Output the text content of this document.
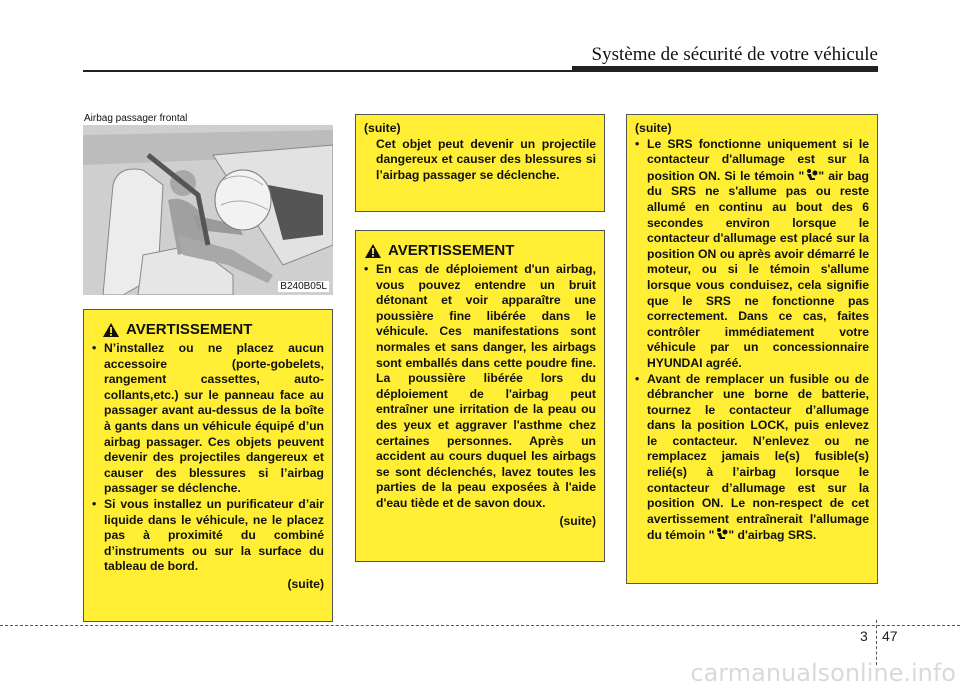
Système de sécurité de votre véhicule
Airbag passager frontal
B240B05L
AVERTISSEMENT

• N’installez ou ne placez aucun accessoire (porte-gobelets, rangement cassettes, auto-collants,etc.) sur le panneau face au passager avant au-dessus de la boîte à gants dans un véhicule équipé d’un airbag passager. Ces objets peuvent devenir des projectiles dangereux et causer des blessures si l’airbag passager se déclenche.

• Si vous installez un purificateur d’air liquide dans le véhicule, ne le placez pas à proximité du combiné d’instruments ou sur la surface du tableau de bord.

(suite)

(suite)

Cet objet peut devenir un projectile dangereux et causer des blessures si l’airbag passager se déclenche.

AVERTISSEMENT

• En cas de déploiement d'un airbag, vous pouvez entendre un bruit détonant et voir apparaître une poussière fine libérée dans le véhicule. Ces manifestations sont normales et sans danger, les airbags sont emballés dans cette poudre fine. La poussière libérée lors du déploiement de l'airbag peut entraîner une irritation de la peau ou des yeux et aggraver l'asthme chez certaines personnes. Après un accident au cours duquel les airbags se sont déclenchés, lavez toutes les parties de la peau exposées à l'aide d'eau tiède et de savon doux.

(suite)

(suite)

• Le SRS fonctionne uniquement si le contacteur d'allumage est sur la position ON. Si le témoin " " air bag du SRS ne s'allume pas ou reste allumé en continu au bout des 6 secondes environ lorsque le contacteur d'allumage est placé sur la position ON ou après avoir démarré le moteur, ou si le témoin s'allume lorsque vous conduisez, cela signifie que le SRS ne fonctionne pas correctement. Dans ce cas, faites contrôler immédiatement votre véhicule par un concessionnaire HYUNDAI agréé.

• Avant de remplacer un fusible ou de débrancher une borne de batterie, tournez le contacteur d’allumage dans la position LOCK, puis enlevez le contacteur. N’enlevez ou ne remplacez jamais le(s) fusible(s) relié(s) à l’airbag lorsque le contacteur d’allumage est sur la position ON. Le non-respect de cet avertissement entraînerait l'allumage du témoin " " d'airbag SRS.

3 47
carmanualsonline.info
